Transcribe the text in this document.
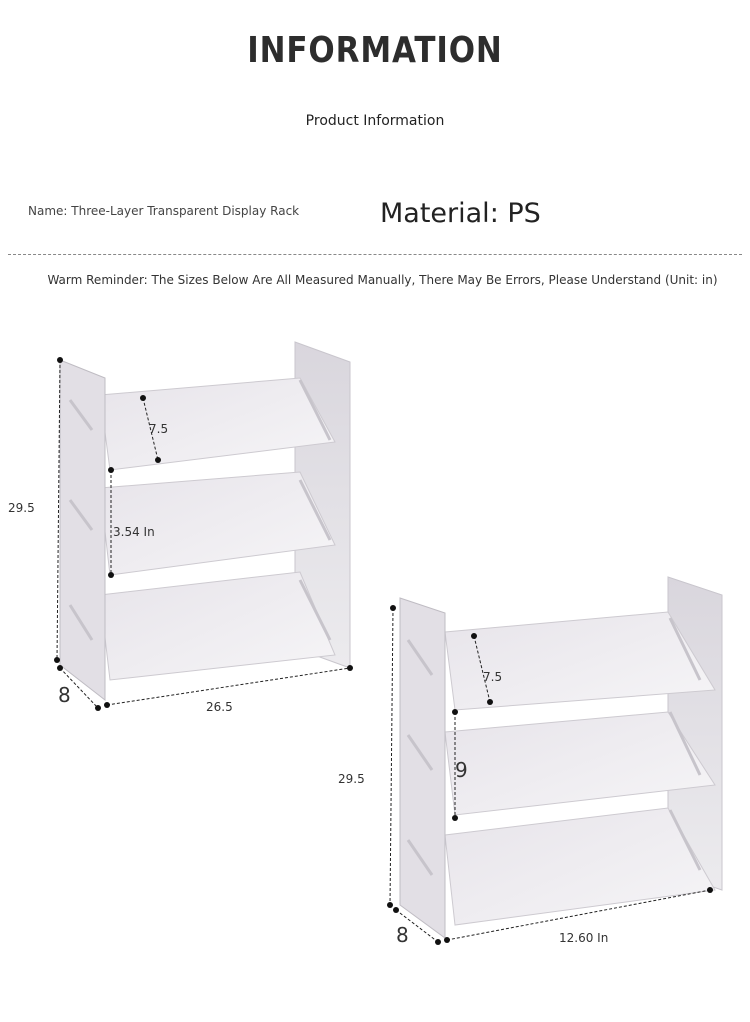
INFORMATION
Product Information
Name: Three-Layer Transparent Display Rack	Material: PS
Warm Reminder: The Sizes Below Are All Measured Manually, There May Be Errors, Please Understand (Unit: in)
29.5
8	26.5
7.5
3.54 In
29.5
8	12.60 In
7.5
9
